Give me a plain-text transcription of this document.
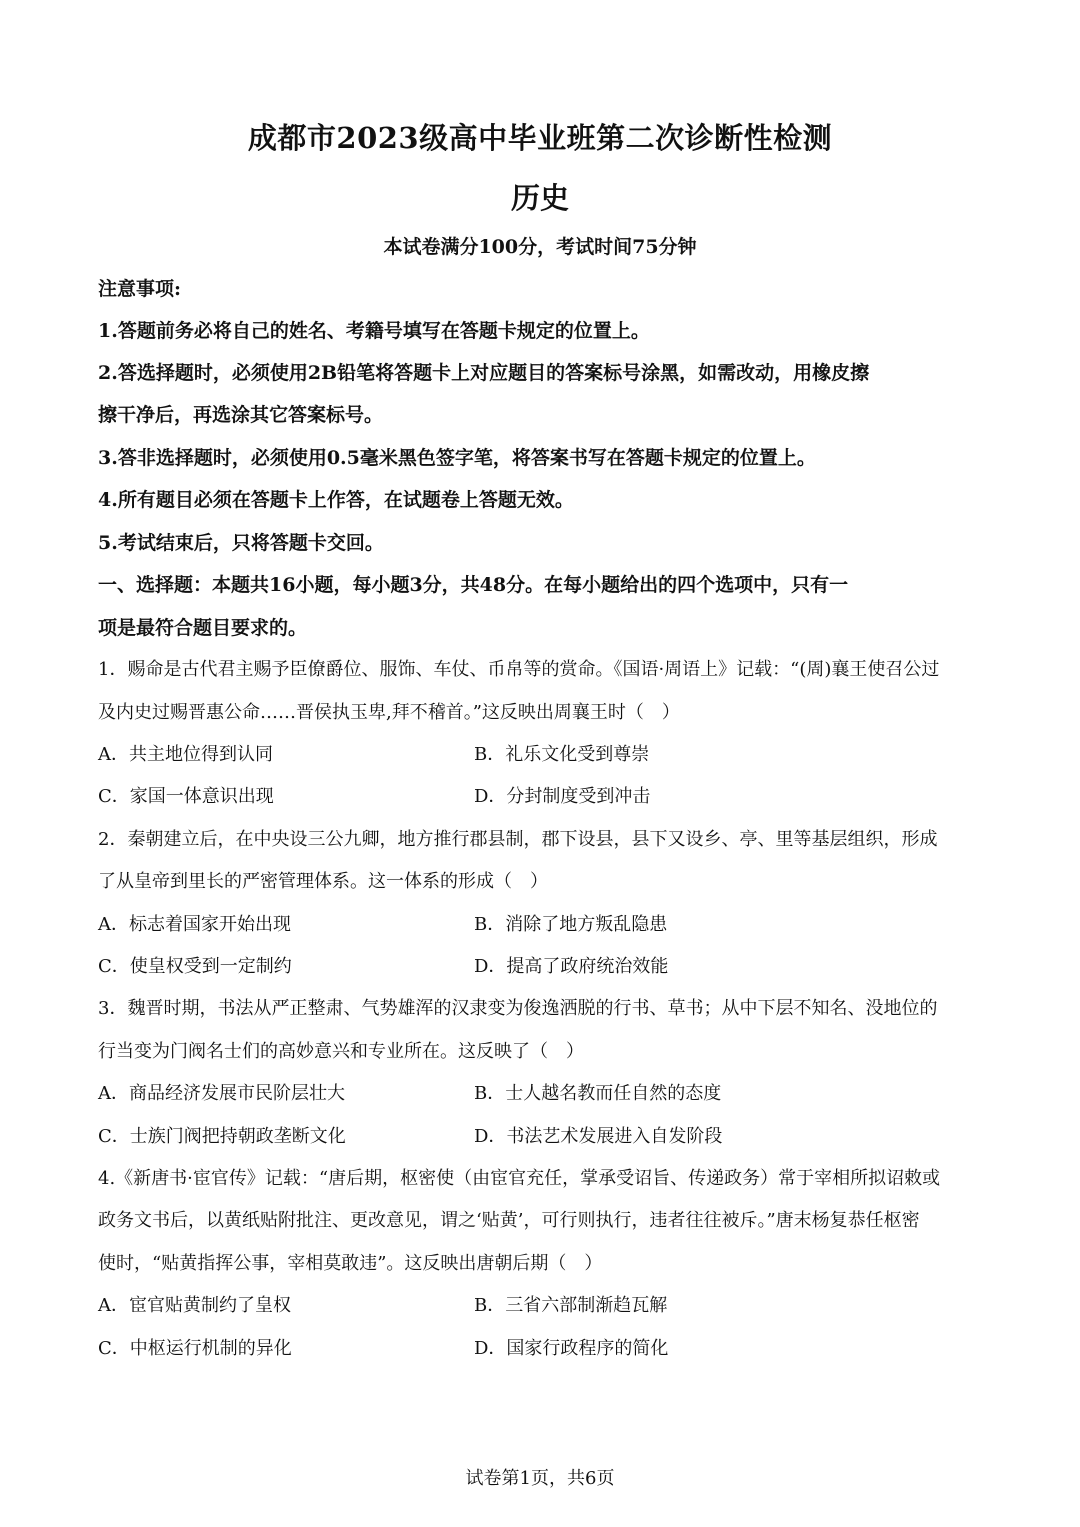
成都市2023级高中毕业班第二次诊断性检测
历史
本试卷满分100分，考试时间75分钟
注意事项:
1.答题前务必将自己的姓名、考籍号填写在答题卡规定的位置上。
2.答选择题时，必须使用2B铅笔将答题卡上对应题目的答案标号涂黑，如需改动，用橡皮擦
擦干净后，再选涂其它答案标号。
3.答非选择题时，必须使用0.5毫米黑色签字笔，将答案书写在答题卡规定的位置上。
4.所有题目必须在答题卡上作答，在试题卷上答题无效。
5.考试结束后，只将答题卡交回。
一、选择题：本题共16小题，每小题3分，共48分。在每小题给出的四个选项中，只有一
项是最符合题目要求的。
1．赐命是古代君主赐予臣僚爵位、服饰、车仗、币帛等的赏命。《国语·周语上》记载：“(周)襄王使召公过
及内史过赐晋惠公命……晋侯执玉卑,拜不稽首。”这反映出周襄王时（　）
A．共主地位得到认同	B．礼乐文化受到尊崇
C．家国一体意识出现	D．分封制度受到冲击
2．秦朝建立后，在中央设三公九卿，地方推行郡县制，郡下设县，县下又设乡、亭、里等基层组织，形成
了从皇帝到里长的严密管理体系。这一体系的形成（　）
A．标志着国家开始出现	B．消除了地方叛乱隐患
C．使皇权受到一定制约	D．提高了政府统治效能
3．魏晋时期，书法从严正整肃、气势雄浑的汉隶变为俊逸洒脱的行书、草书；从中下层不知名、没地位的
行当变为门阀名士们的高妙意兴和专业所在。这反映了（　）
A．商品经济发展市民阶层壮大	B．士人越名教而任自然的态度
C．士族门阀把持朝政垄断文化	D．书法艺术发展进入自发阶段
4.《新唐书·宦官传》记载：“唐后期，枢密使（由宦官充任，掌承受诏旨、传递政务）常于宰相所拟诏敕或
政务文书后，以黄纸贴附批注、更改意见，谓之‘贴黄’，可行则执行，违者往往被斥。”唐末杨复恭任枢密
使时，“贴黄指挥公事，宰相莫敢违”。这反映出唐朝后期（　）
A．宦官贴黄制约了皇权	B．三省六部制渐趋瓦解
C．中枢运行机制的异化	D．国家行政程序的简化
试卷第1页，共6页
